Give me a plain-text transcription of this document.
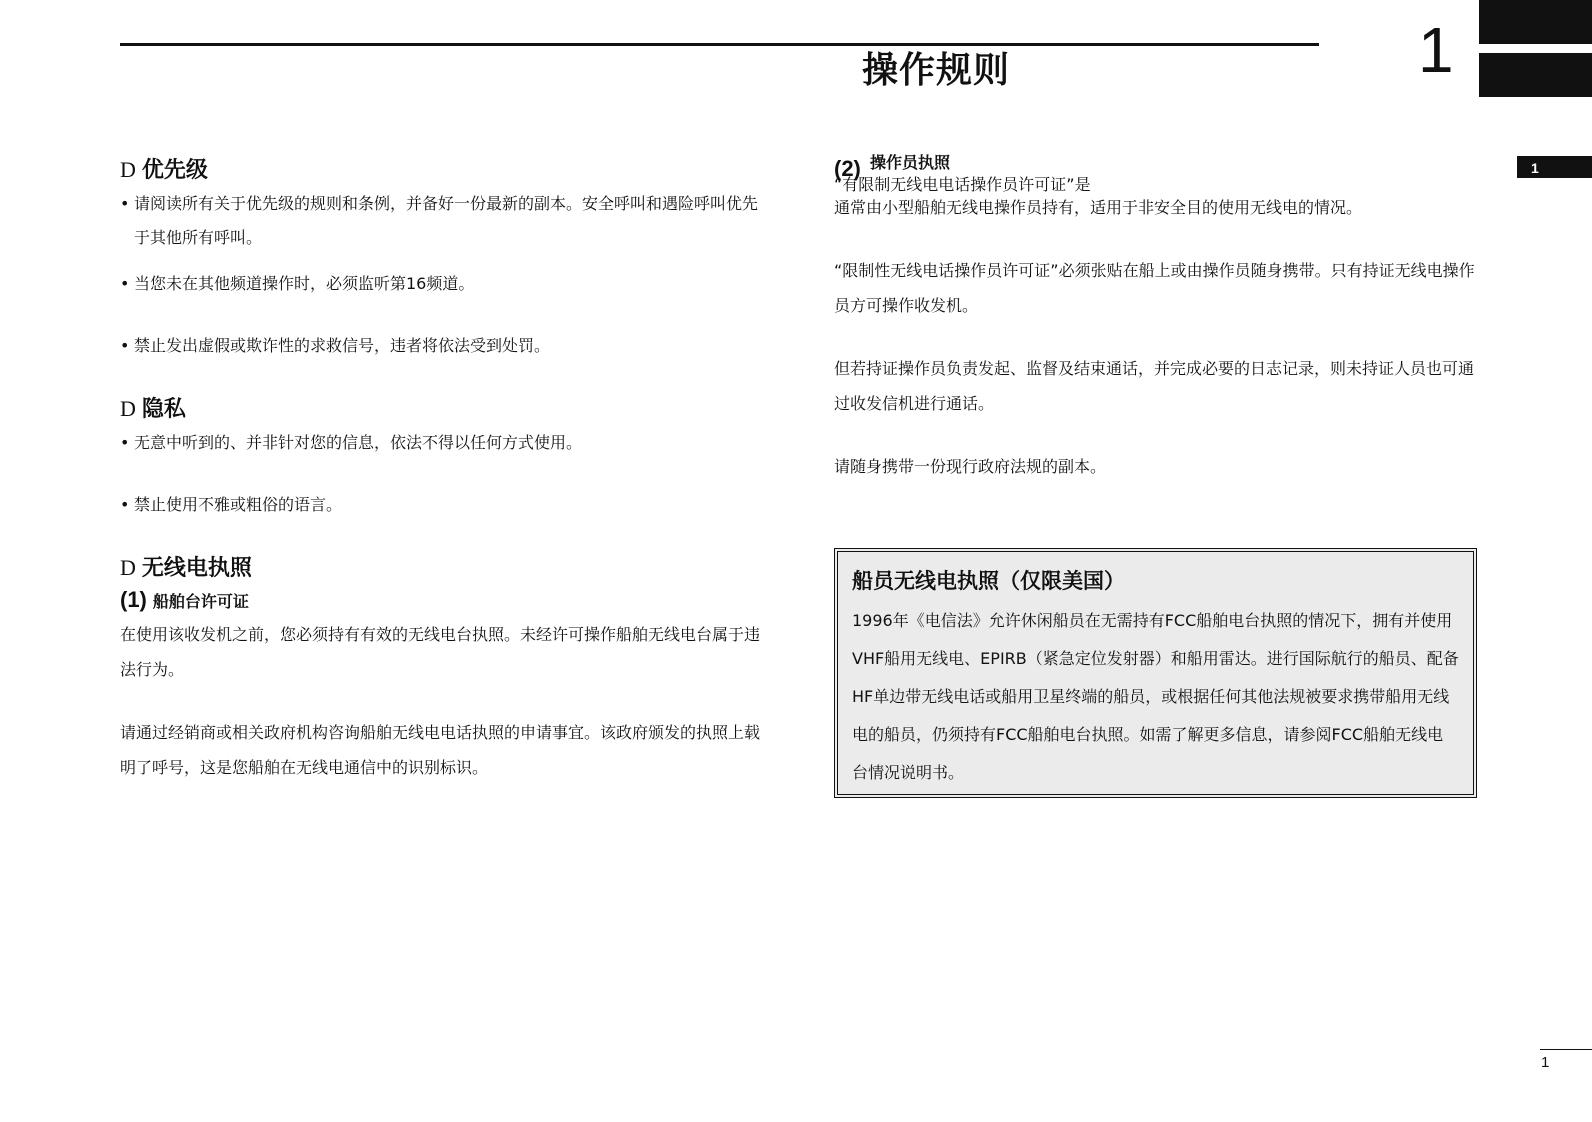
操作规则	1
1
D 优先级

• 请阅读所有关于优先级的规则和条例，并备好一份最新的副本。安全呼叫和遇险呼叫优先于其他所有呼叫。

• 当您未在其他频道操作时，必须监听第16频道。

• 禁止发出虚假或欺诈性的求救信号，违者将依法受到处罚。

D 隐私

• 无意中听到的、并非针对您的信息，依法不得以任何方式使用。

• 禁止使用不雅或粗俗的语言。

D 无线电执照

(1) 船舶台许可证

在使用该收发机之前，您必须持有有效的无线电台执照。未经许可操作船舶无线电台属于违法行为。

请通过经销商或相关政府机构咨询船舶无线电电话执照的申请事宜。该政府颁发的执照上载明了呼号，这是您船舶在无线电通信中的识别标识。

(2) 操作员执照
“有限制无线电电话操作员许可证”是

通常由小型船舶无线电操作员持有，适用于非安全目的使用无线电的情况。

“限制性无线电话操作员许可证”必须张贴在船上或由操作员随身携带。只有持证无线电操作员方可操作收发机。

但若持证操作员负责发起、监督及结束通话，并完成必要的日志记录，则未持证人员也可通过收发信机进行通话。

请随身携带一份现行政府法规的副本。

船员无线电执照（仅限美国）

1996年《电信法》允许休闲船员在无需持有FCC船舶电台执照的情况下，拥有并使用VHF船用无线电、EPIRB（紧急定位发射器）和船用雷达。进行国际航行的船员、配备HF单边带无线电话或船用卫星终端的船员，或根据任何其他法规被要求携带船用无线电的船员，仍须持有FCC船舶电台执照。如需了解更多信息，请参阅FCC船舶无线电台情况说明书。

1
